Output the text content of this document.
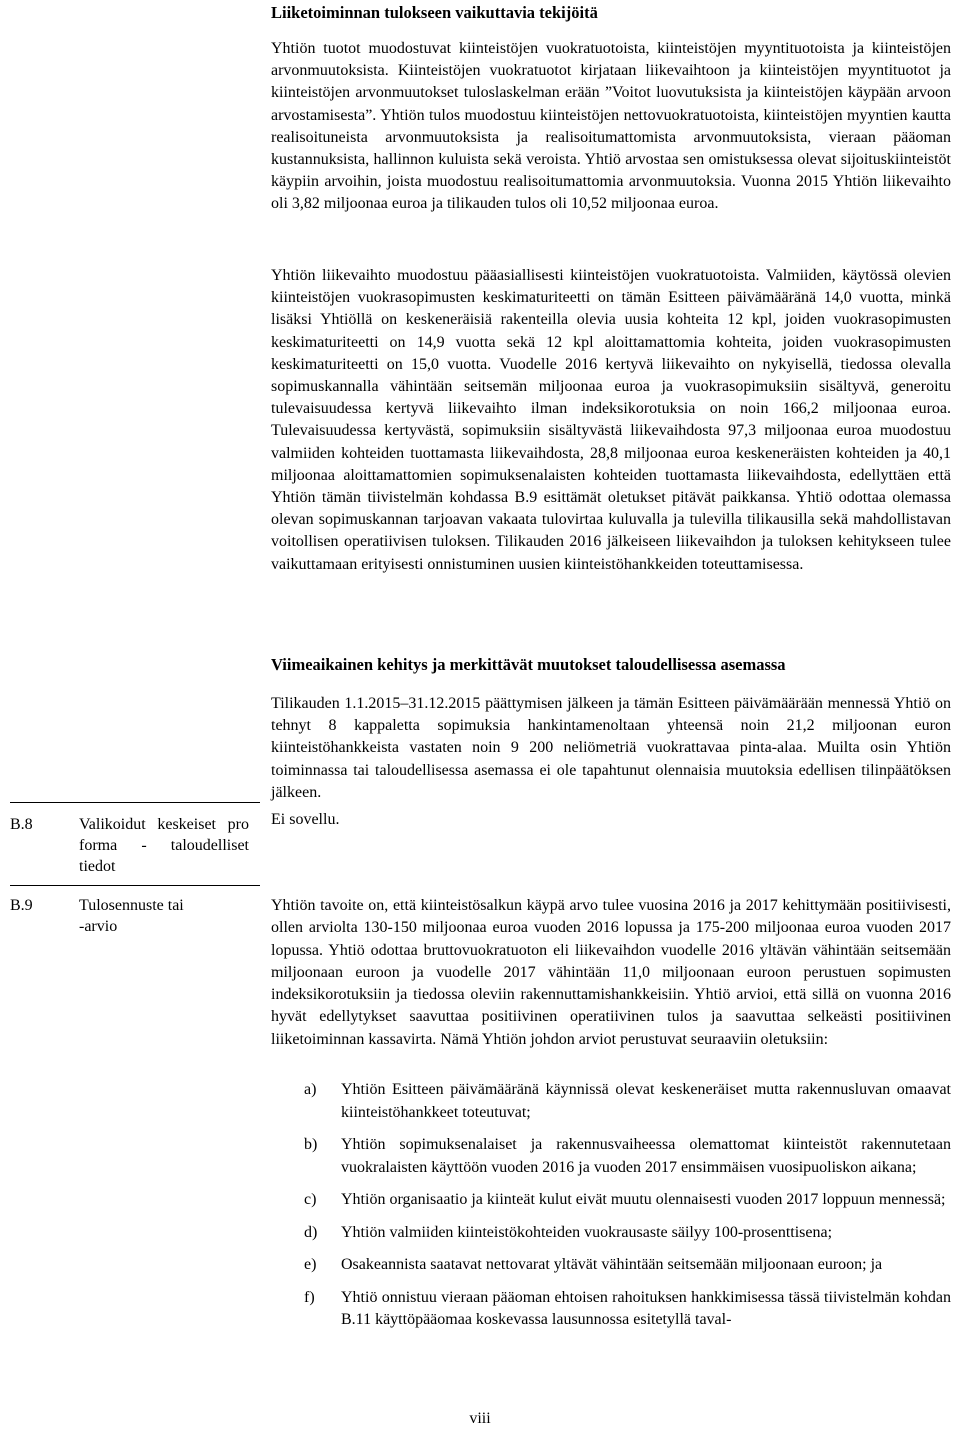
Liiketoiminnan tulokseen vaikuttavia tekijöitä

Yhtiön tuotot muodostuvat kiinteistöjen vuokratuotoista, kiinteistöjen myyntituotoista ja kiinteistöjen arvonmuutoksista. Kiinteistöjen vuokratuotot kirjataan liikevaihtoon ja kiinteistöjen myyntituotot ja kiinteistöjen arvonmuutokset tuloslaskelman erään ”Voitot luovutuksista ja kiinteistöjen käypään arvoon arvostamisesta”. Yhtiön tulos muodostuu kiinteistöjen nettovuokratuotoista, kiinteistöjen myyntien kautta realisoituneista arvonmuutoksista ja realisoitumattomista arvonmuutoksista, vieraan pääoman kustannuksista, hallinnon kuluista sekä veroista. Yhtiö arvostaa sen omistuksessa olevat sijoituskiinteistöt käypiin arvoihin, joista muodostuu realisoitumattomia arvonmuutoksia. Vuonna 2015 Yhtiön liikevaihto oli 3,82 miljoonaa euroa ja tilikauden tulos oli 10,52 miljoonaa euroa.

Yhtiön liikevaihto muodostuu pääasiallisesti kiinteistöjen vuokratuotoista. Valmiiden, käytössä olevien kiinteistöjen vuokrasopimusten keskimaturiteetti on tämän Esitteen päivämääränä 14,0 vuotta, minkä lisäksi Yhtiöllä on keskeneräisiä rakenteilla olevia uusia kohteita 12 kpl, joiden vuokrasopimusten keskimaturiteetti on 14,9 vuotta sekä 12 kpl aloittamattomia kohteita, joiden vuokrasopimusten keskimaturiteetti on 15,0 vuotta. Vuodelle 2016 kertyvä liikevaihto on nykyisellä, tiedossa olevalla sopimuskannalla vähintään seitsemän miljoonaa euroa ja vuokrasopimuksiin sisältyvä, generoitu tulevaisuudessa kertyvä liikevaihto ilman indeksikorotuksia on noin 166,2 miljoonaa euroa. Tulevaisuudessa kertyvästä, sopimuksiin sisältyvästä liikevaihdosta 97,3 miljoonaa euroa muodostuu valmiiden kohteiden tuottamasta liikevaihdosta, 28,8 miljoonaa euroa keskeneräisten kohteiden ja 40,1 miljoonaa aloittamattomien sopimuksenalaisten kohteiden tuottamasta liikevaihdosta, edellyttäen että Yhtiön tämän tiivistelmän kohdassa B.9 esittämät oletukset pitävät paikkansa. Yhtiö odottaa olemassa olevan sopimuskannan tarjoavan vakaata tulovirtaa kuluvalla ja tulevilla tilikausilla sekä mahdollistavan voitollisen operatiivisen tuloksen. Tilikauden 2016 jälkeiseen liikevaihdon ja tuloksen kehitykseen tulee vaikuttamaan erityisesti onnistuminen uusien kiinteistöhankkeiden toteuttamisessa.

Viimeaikainen kehitys ja merkittävät muutokset taloudellisessa asemassa

Tilikauden 1.1.2015–31.12.2015 päättymisen jälkeen ja tämän Esitteen päivämäärään mennessä Yhtiö on tehnyt 8 kappaletta sopimuksia hankintamenoltaan yhteensä noin 21,2 miljoonan euron kiinteistöhankkeista vastaten noin 9 200 neliömetriä vuokrattavaa pinta-alaa. Muilta osin Yhtiön toiminnassa tai taloudellisessa asemassa ei ole tapahtunut olennaisia muutoksia edellisen tilinpäätöksen jälkeen.

B.8	Valikoidut keskeiset pro forma - taloudelliset tiedot
Ei sovellu.
B.9	Tulosennuste tai -arvio

Yhtiön tavoite on, että kiinteistösalkun käypä arvo tulee vuosina 2016 ja 2017 kehittymään positiivisesti, ollen arviolta 130-150 miljoonaa euroa vuoden 2016 lopussa ja 175-200 miljoonaa euroa vuoden 2017 lopussa. Yhtiö odottaa bruttovuokratuoton eli liikevaihdon vuodelle 2016 yltävän vähintään seitsemään miljoonaan euroon ja vuodelle 2017 vähintään 11,0 miljoonaan euroon perustuen sopimusten indeksikorotuksiin ja tiedossa oleviin rakennuttamishankkeisiin. Yhtiö arvioi, että sillä on vuonna 2016 hyvät edellytykset saavuttaa positiivinen operatiivinen tulos ja saavuttaa selkeästi positiivinen liiketoiminnan kassavirta. Nämä Yhtiön johdon arviot perustuvat seuraaviin oletuksiin:

a) Yhtiön Esitteen päivämääränä käynnissä olevat keskeneräiset mutta rakennusluvan omaavat kiinteistöhankkeet toteutuvat;
b) Yhtiön sopimuksenalaiset ja rakennusvaiheessa olemattomat kiinteistöt rakennutetaan vuokralaisten käyttöön vuoden 2016 ja vuoden 2017 ensimmäisen vuosipuoliskon aikana;
c) Yhtiön organisaatio ja kiinteät kulut eivät muutu olennaisesti vuoden 2017 loppuun mennessä;
d) Yhtiön valmiiden kiinteistökohteiden vuokrausaste säilyy 100-prosenttisena;
e) Osakeannista saatavat nettovarat yltävät vähintään seitsemään miljoonaan euroon; ja
f) Yhtiö onnistuu vieraan pääoman ehtoisen rahoituksen hankkimisessa tässä tiivistelmän kohdan B.11 käyttöpääomaa koskevassa lausunnossa esitetyllä taval-
viii
